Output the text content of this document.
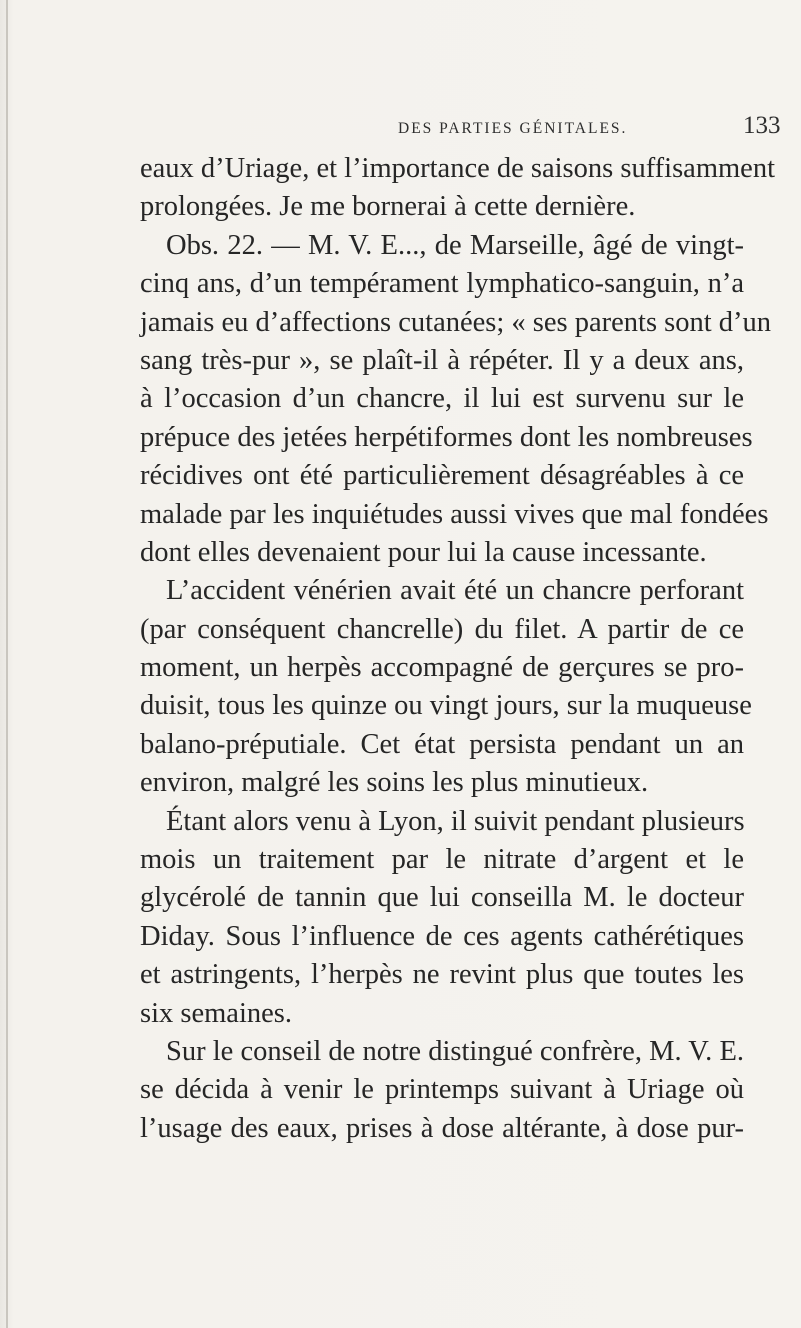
DES PARTIES GÉNITALES.	133
eaux d’Uriage, et l’importance de saisons suffisamment
prolongées. Je me bornerai à cette dernière.
Obs. 22. — M. V. E..., de Marseille, âgé de vingt-
cinq ans, d’un tempérament lymphatico-sanguin, n’a
jamais eu d’affections cutanées; « ses parents sont d’un
sang très-pur », se plaît-il à répéter. Il y a deux ans,
à l’occasion d’un chancre, il lui est survenu sur le
prépuce des jetées herpétiformes dont les nombreuses
récidives ont été particulièrement désagréables à ce
malade par les inquiétudes aussi vives que mal fondées
dont elles devenaient pour lui la cause incessante.
L’accident vénérien avait été un chancre perforant
(par conséquent chancrelle) du filet. A partir de ce
moment, un herpès accompagné de gerçures se pro-
duisit, tous les quinze ou vingt jours, sur la muqueuse
balano-préputiale. Cet état persista pendant un an
environ, malgré les soins les plus minutieux.
Étant alors venu à Lyon, il suivit pendant plusieurs
mois un traitement par le nitrate d’argent et le
glycérolé de tannin que lui conseilla M. le docteur
Diday. Sous l’influence de ces agents cathérétiques
et astringents, l’herpès ne revint plus que toutes les
six semaines.
Sur le conseil de notre distingué confrère, M. V. E.
se décida à venir le printemps suivant à Uriage où
l’usage des eaux, prises à dose altérante, à dose pur-
